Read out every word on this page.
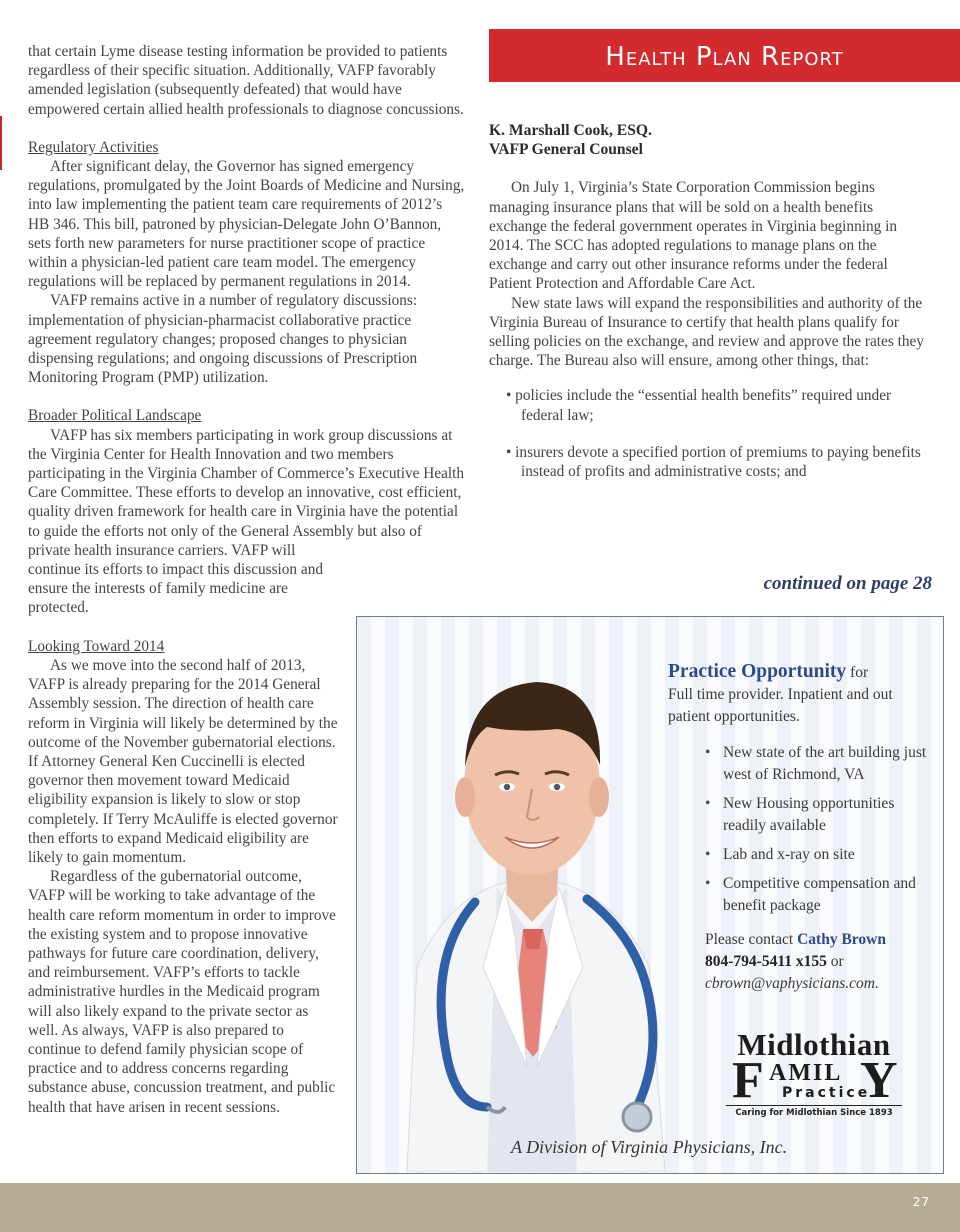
that certain Lyme disease testing information be provided to patients regardless of their specific situation. Additionally, VAFP favorably amended legislation (subsequently defeated) that would have empowered certain allied health professionals to diagnose concussions.

Regulatory Activities

After significant delay, the Governor has signed emergency regulations, promulgated by the Joint Boards of Medicine and Nursing, into law implementing the patient team care requirements of 2012’s HB 346. This bill, patroned by physician-Delegate John O’Bannon, sets forth new parameters for nurse practitioner scope of practice within a physician-led patient care team model. The emergency regulations will be replaced by permanent regulations in 2014.

VAFP remains active in a number of regulatory discussions: implementation of physician-pharmacist collaborative practice agreement regulatory changes; proposed changes to physician dispensing regulations; and ongoing discussions of Prescription Monitoring Program (PMP) utilization.

Broader Political Landscape

VAFP has six members participating in work group discussions at the Virginia Center for Health Innovation and two members participating in the Virginia Chamber of Commerce’s Executive Health Care Committee. These efforts to develop an innovative, cost efficient, quality driven framework for health care in Virginia have the potential to guide the efforts not only of the General Assembly but also of private health insurance carriers. VAFP will

continue its efforts to impact this discussion and ensure the interests of family medicine are protected.

Looking Toward 2014

As we move into the second half of 2013, VAFP is already preparing for the 2014 General Assembly session. The direction of health care reform in Virginia will likely be determined by the outcome of the November gubernatorial elections. If Attorney General Ken Cuccinelli is elected governor then movement toward Medicaid eligibility expansion is likely to slow or stop completely. If Terry McAuliffe is elected governor then efforts to expand Medicaid eligibility are likely to gain momentum.

Regardless of the gubernatorial outcome, VAFP will be working to take advantage of the health care reform momentum in order to improve the existing system and to propose innovative pathways for future care coordination, delivery, and reimbursement. VAFP’s efforts to tackle administrative hurdles in the Medicaid program will also likely expand to the private sector as well. As always, VAFP is also prepared to continue to defend family physician scope of practice and to address concerns regarding substance abuse, concussion treatment, and public health that have arisen in recent sessions.

Health Plan Report

K. Marshall Cook, ESQ.

VAFP General Counsel

On July 1, Virginia’s State Corporation Commission begins managing insurance plans that will be sold on a health benefits exchange the federal government operates in Virginia beginning in 2014. The SCC has adopted regulations to manage plans on the exchange and carry out other insurance reforms under the federal Patient Protection and Affordable Care Act.

New state laws will expand the responsibilities and authority of the Virginia Bureau of Insurance to certify that health plans qualify for selling policies on the exchange, and review and approve the rates they charge. The Bureau also will ensure, among other things, that:

• policies include the “essential health benefits” required under federal law;

• insurers devote a specified portion of premiums to paying benefits instead of profits and administrative costs; and

continued on page 28
Practice Opportunity for
Full time provider. Inpatient and out patient opportunities.
• New state of the art building just west of Richmond, VA
• New Housing opportunities readily available
• Lab and x-ray on site
• Competitive compensation and benefit package
Please contact Cathy Brown
804-794-5411 x155 or
cbrown@vaphysicians.com.
Midlothian
F AMIL Y
Practice
Caring for Midlothian Since 1893
A Division of Virginia Physicians, Inc.
27
